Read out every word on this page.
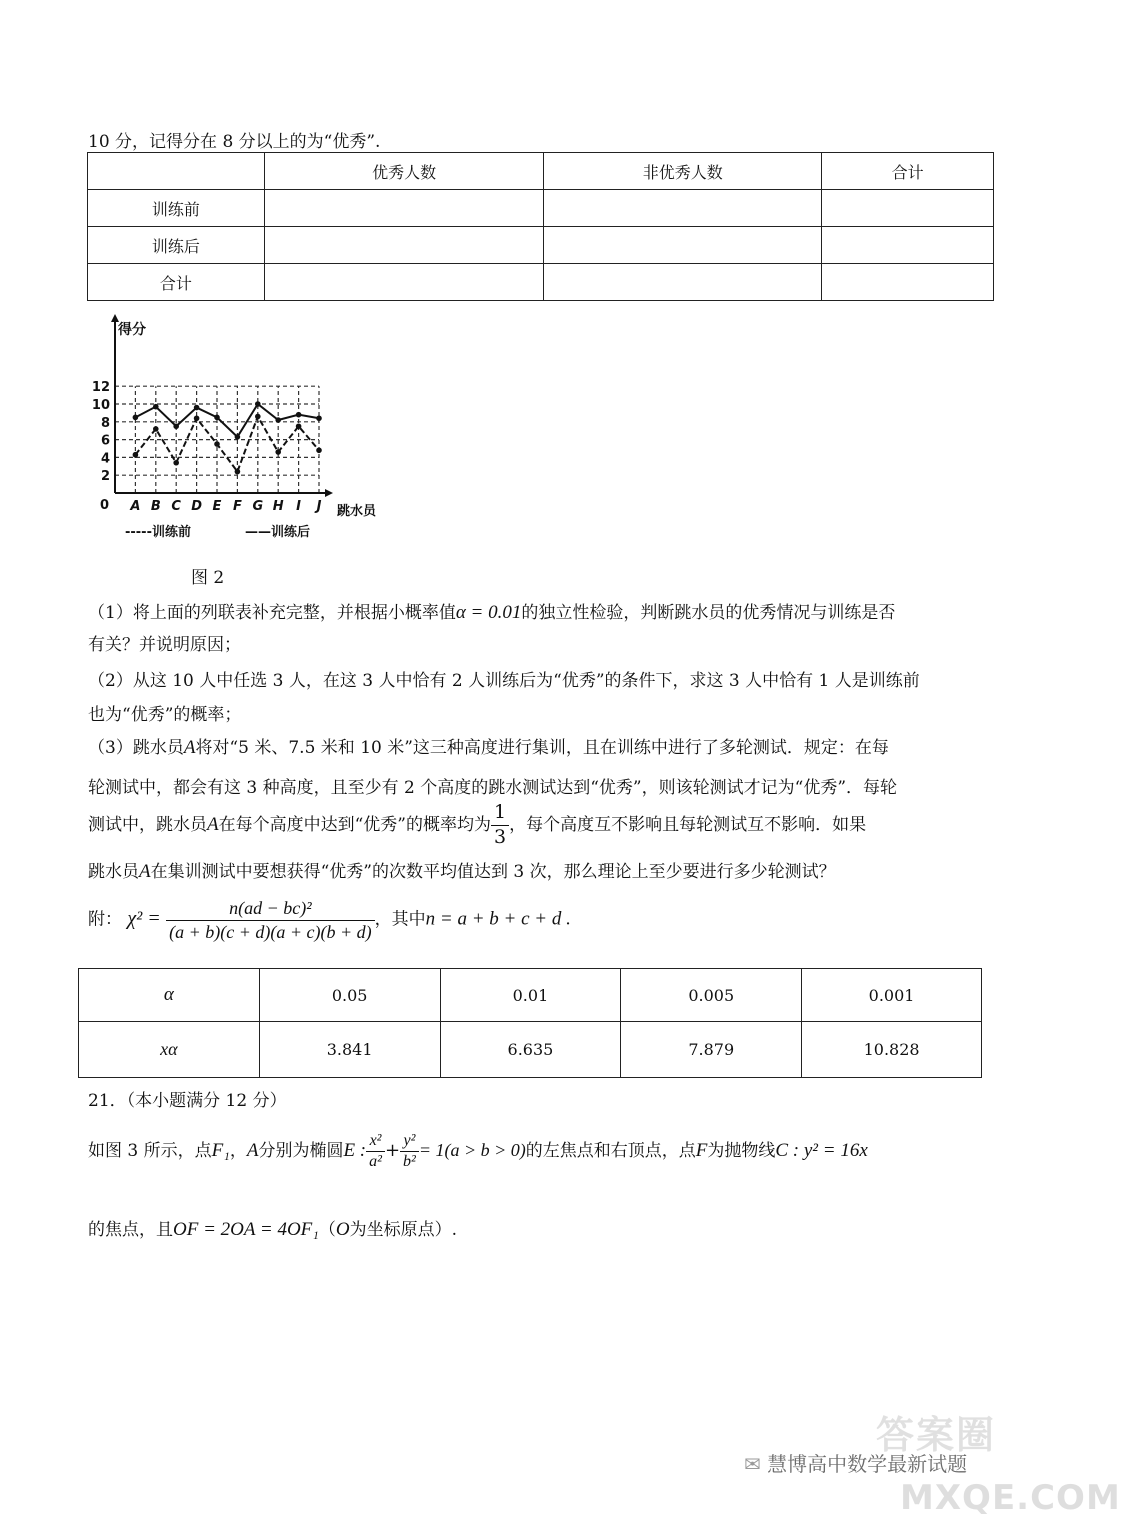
10 分，记得分在 8 分以上的为“优秀”.
	优秀人数	非优秀人数	合计
训练前			
训练后			
合计			
2
4
6
8
10
12
得分
0 A B C D E F G H I J 跳水员
-----训练前	——训练后
图 2
（1）将上面的列联表补充完整，并根据小概率值α = 0.01的独立性检验，判断跳水员的优秀情况与训练是否
有关？并说明原因；
（2）从这 10 人中任选 3 人，在这 3 人中恰有 2 人训练后为“优秀”的条件下，求这 3 人中恰有 1 人是训练前
也为“优秀”的概率；
（3）跳水员A将对“5 米、7.5 米和 10 米”这三种高度进行集训，且在训练中进行了多轮测试．规定：在每
轮测试中，都会有这 3 种高度，且至少有 2 个高度的跳水测试达到“优秀”，则该轮测试才记为“优秀”．每轮
测试中，跳水员A在每个高度中达到“优秀”的概率均为 $\frac{1}{3}$ ，每个高度互不影响且每轮测试互不影响．如果
跳水员A在集训测试中要想获得“优秀”的次数平均值达到 3 次，那么理论上至少要进行多少轮测试？
附： $\chi^2 = \frac{\text{n(ad − bc)²}}{(a + b)(c + d)(a + c)(b + d)}$ ，其中n = a + b + c + d .
α	0.05	0.01	0.005	0.001
xα	3.841	6.635	7.879	10.828
21．（本小题满分 12 分）
如图 3 所示，点F₁，A分别为椭圆E : $\frac{\text{x²}}{\text{a²}} + \frac{\text{y²}}{\text{b²}} = 1(a > b > 0)$的左焦点和右顶点，点F为抛物线C : y² = 16x
的焦点，且OF = 2OA = 4OF₁（O为坐标原点）.
✉ 慧博高中数学最新试题
答案圈
MXQE.COM
